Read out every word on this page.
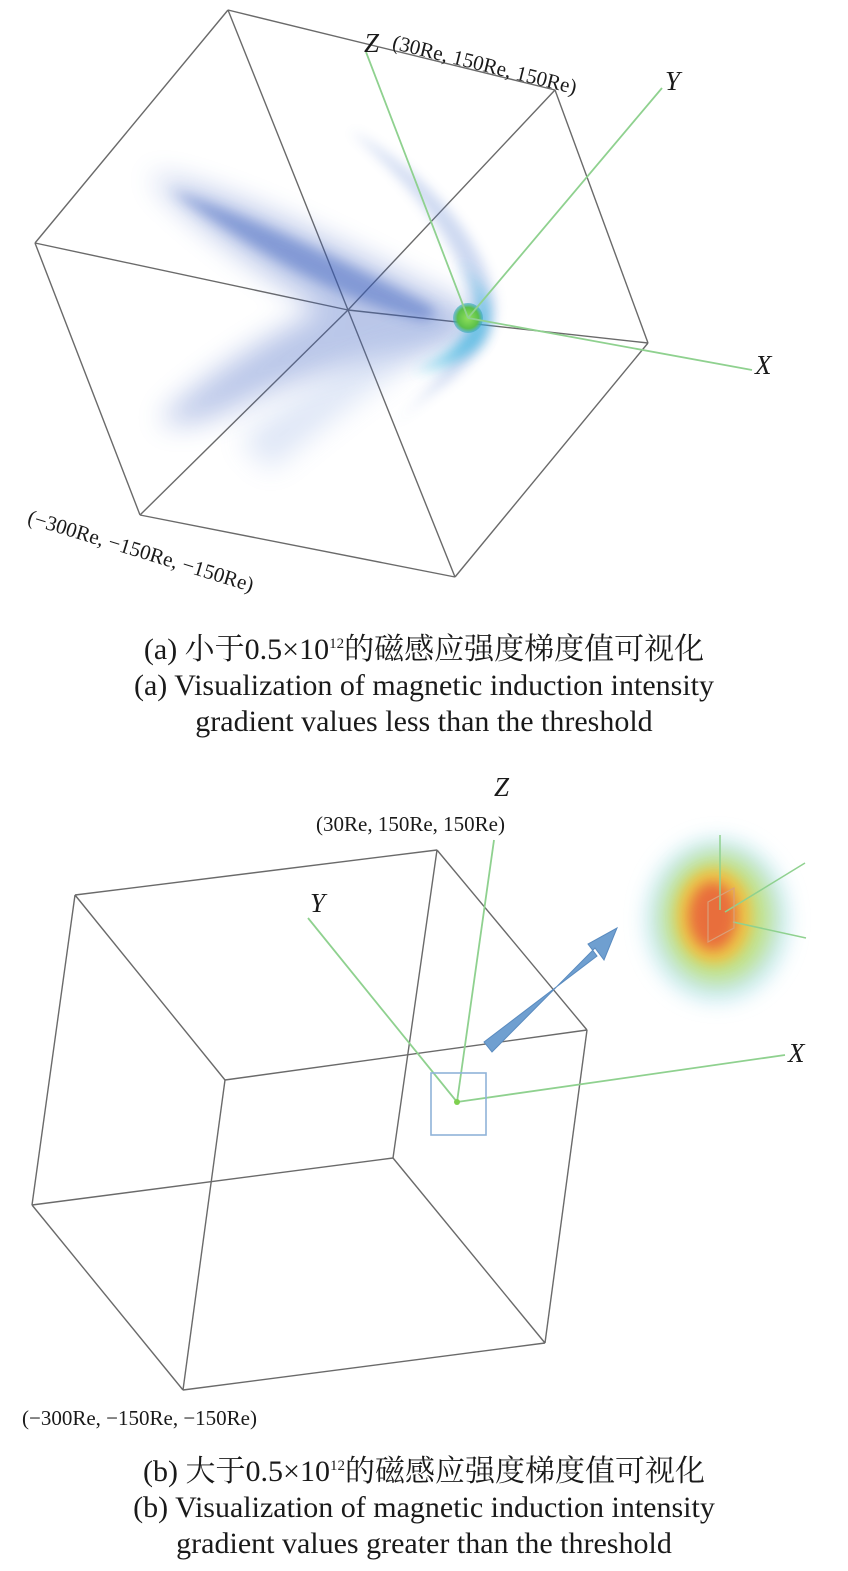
Z
Y
X
(30Re, 150Re, 150Re)
(−300Re, −150Re, −150Re)
(a) 小于$0.5\times 10^{12}$的磁感应强度梯度值可视化
(a) Visualization of magnetic induction intensity
gradient values less than the threshold
Z
(30Re, 150Re, 150Re)
Y
X
(−300Re, −150Re, −150Re)
(b) 大于$0.5\times 10^{12}$的磁感应强度梯度值可视化
(b) Visualization of magnetic induction intensity
gradient values greater than the threshold
